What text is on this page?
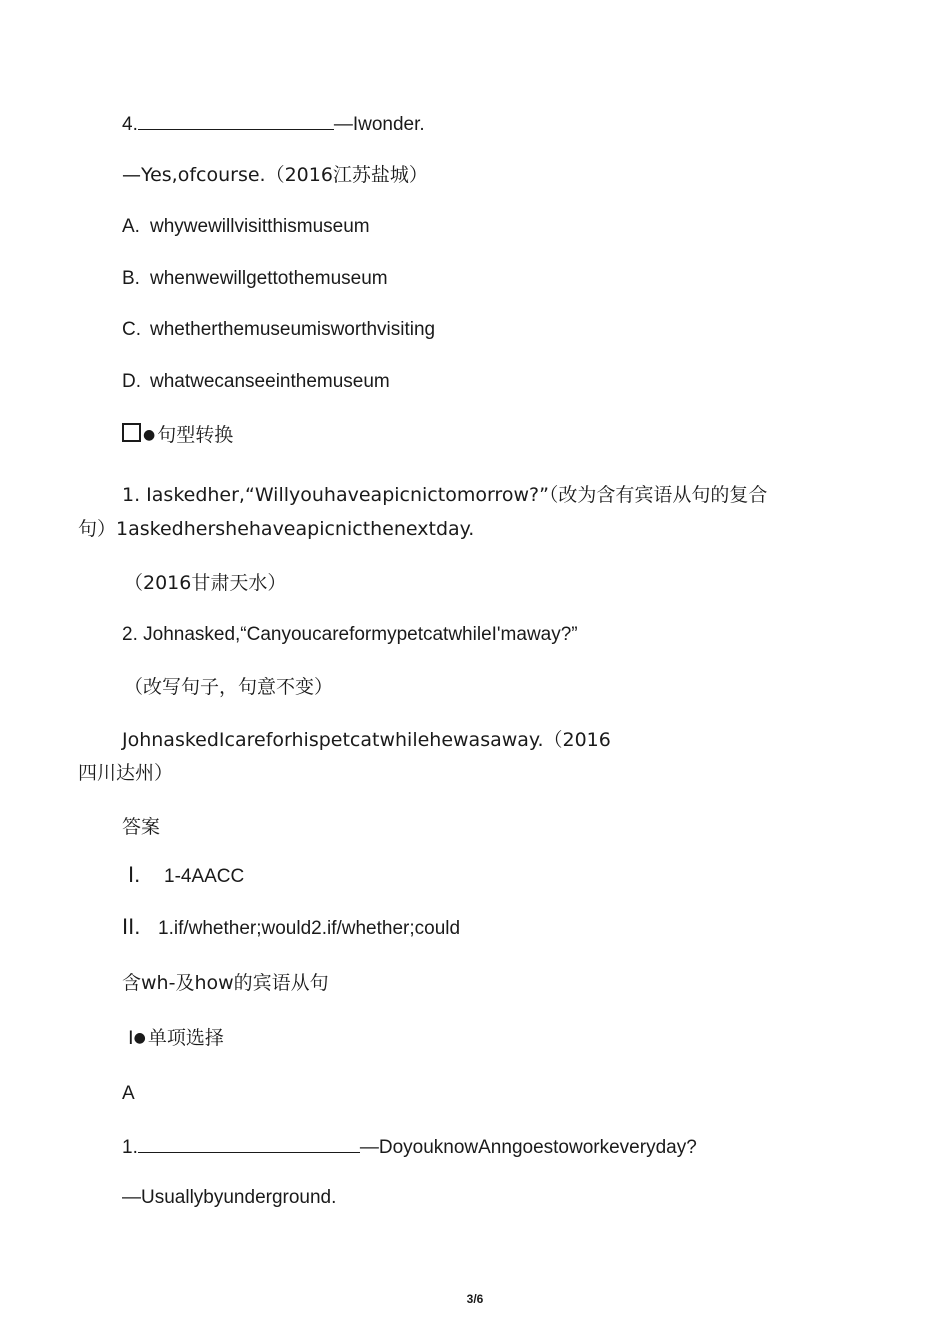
4.	—Iwonder.
—Yes,ofcourse.（2016江苏盐城）
A. whywewillvisitthismuseum
B. whenwewillgettothemuseum
C. whetherthemuseumisworthvisiting
D. whatwecanseeinthemuseum
● 句型转换
1. Iaskedher,“Willyouhaveapicnictomorrow?”（改为含有宾语从句的复合
句）1askedhershehaveapicnicthenextday.
（2016甘肃天水）
2. Johnasked,“CanyoucareformypetcatwhileI'maway?”
（改写句子，句意不变）
JohnaskedIcareforhispetcatwhilehewasaway.（2016
四川达州）
答案
I. 1-4AACC
II. 1.if/whether;would2.if/whether;could
含wh-及how的宾语从句
I● 单项选择
A
1.	—DoyouknowAnngoestoworkeveryday?
—Usuallybyunderground.
3/6
